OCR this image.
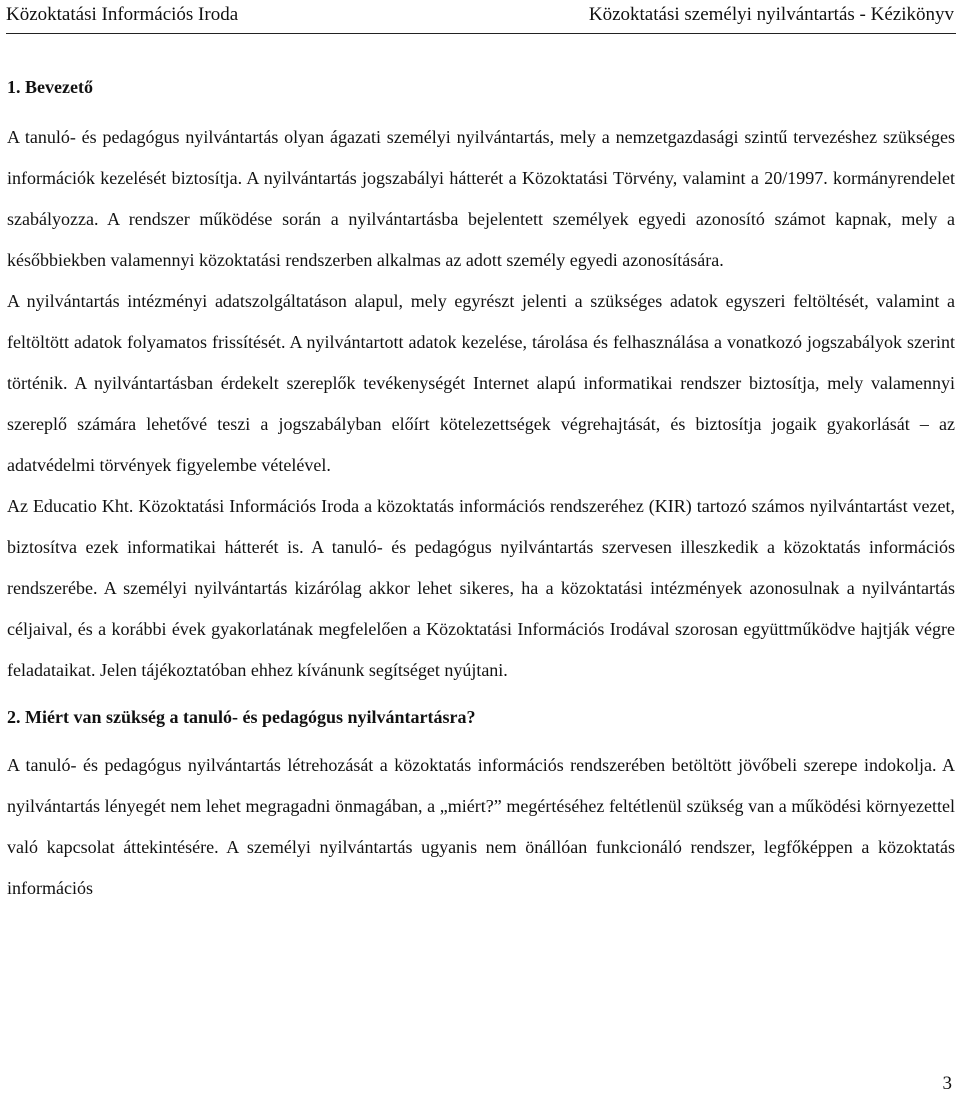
Közoktatási Információs Iroda	Közoktatási személyi nyilvántartás - Kézikönyv
1. Bevezető

A tanuló- és pedagógus nyilvántartás olyan ágazati személyi nyilvántartás, mely a nemzetgazdasági szintű tervezéshez szükséges információk kezelését biztosítja. A nyilvántartás jogszabályi hátterét a Közoktatási Törvény, valamint a 20/1997. kormányrendelet szabályozza. A rendszer működése során a nyilvántartásba bejelentett személyek egyedi azonosító számot kapnak, mely a későbbiekben valamennyi közoktatási rendszerben alkalmas az adott személy egyedi azonosítására.

A nyilvántartás intézményi adatszolgáltatáson alapul, mely egyrészt jelenti a szükséges adatok egyszeri feltöltését, valamint a feltöltött adatok folyamatos frissítését. A nyilvántartott adatok kezelése, tárolása és felhasználása a vonatkozó jogszabályok szerint történik. A nyilvántartásban érdekelt szereplők tevékenységét Internet alapú informatikai rendszer biztosítja, mely valamennyi szereplő számára lehetővé teszi a jogszabályban előírt kötelezettségek végrehajtását, és biztosítja jogaik gyakorlását – az adatvédelmi törvények figyelembe vételével.

Az Educatio Kht. Közoktatási Információs Iroda a közoktatás információs rendszeréhez (KIR) tartozó számos nyilvántartást vezet, biztosítva ezek informatikai hátterét is. A tanuló- és pedagógus nyilvántartás szervesen illeszkedik a közoktatás információs rendszerébe. A személyi nyilvántartás kizárólag akkor lehet sikeres, ha a közoktatási intézmények azonosulnak a nyilvántartás céljaival, és a korábbi évek gyakorlatának megfelelően a Közoktatási Információs Irodával szorosan együttműködve hajtják végre feladataikat. Jelen tájékoztatóban ehhez kívánunk segítséget nyújtani.

2. Miért van szükség a tanuló- és pedagógus nyilvántartásra?

A tanuló- és pedagógus nyilvántartás létrehozását a közoktatás információs rendszerében betöltött jövőbeli szerepe indokolja. A nyilvántartás lényegét nem lehet megragadni önmagában, a „miért?” megértéséhez feltétlenül szükség van a működési környezettel való kapcsolat áttekintésére. A személyi nyilvántartás ugyanis nem önállóan funkcionáló rendszer, legfőképpen a közoktatás információs

3
